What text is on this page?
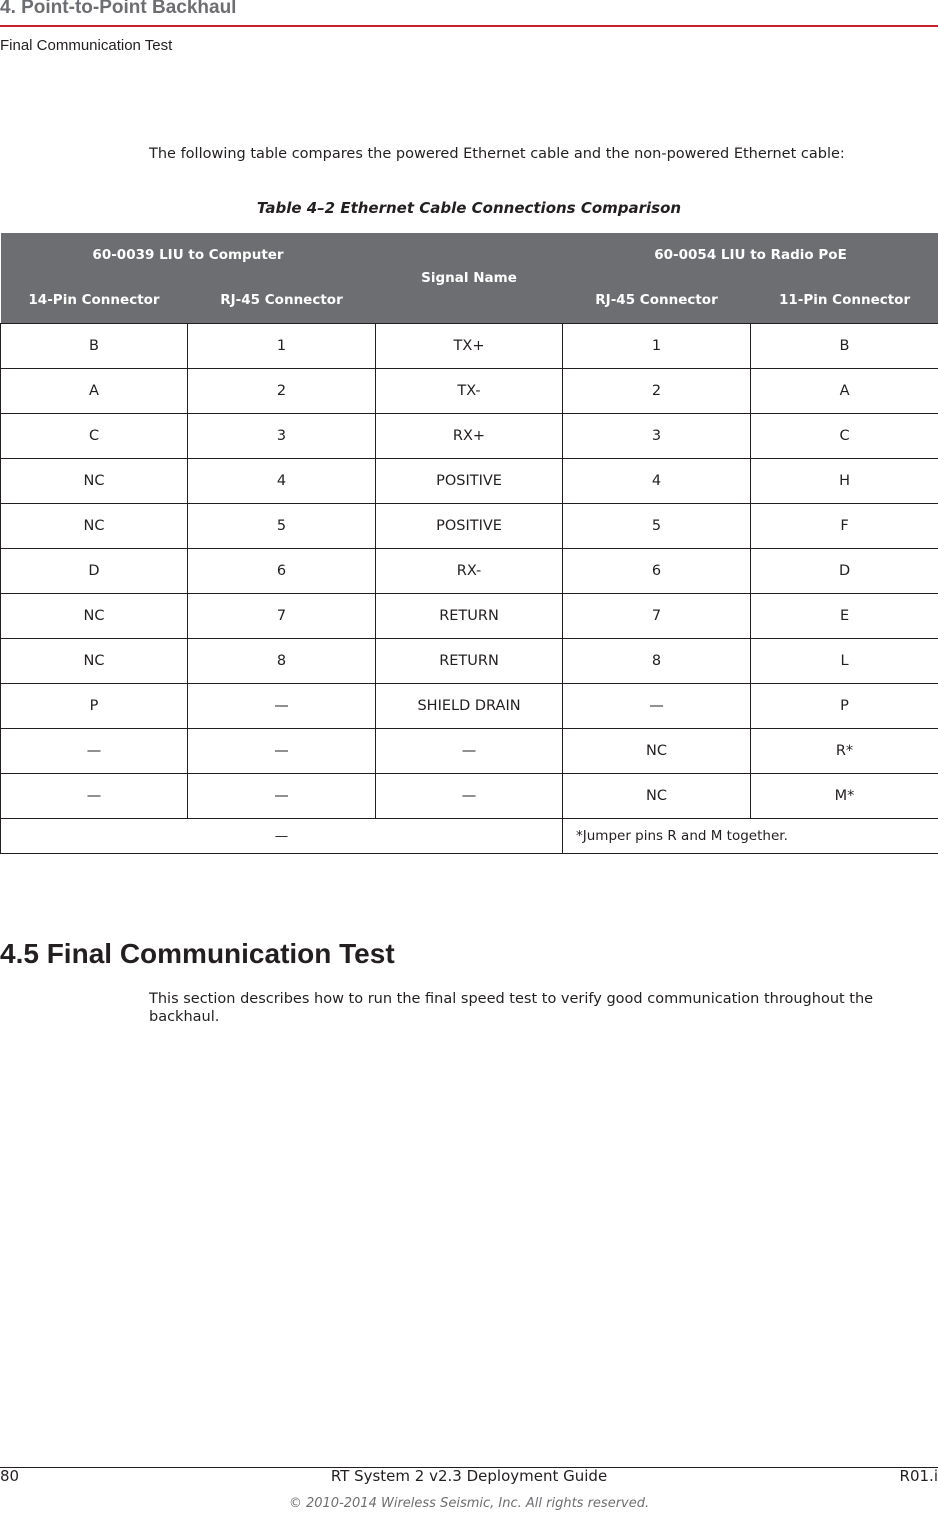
4. Point-to-Point Backhaul
Final Communication Test
The following table compares the powered Ethernet cable and the non-powered Ethernet cable:
Table 4–2 Ethernet Cable Connections Comparison
60-0039 LIU to Computer		Signal Name	60-0054 LIU to Radio PoE	
14-Pin Connector	RJ-45 Connector		RJ-45 Connector	11-Pin Connector
B	1	TX+	1	B
A	2	TX-	2	A
C	3	RX+	3	C
NC	4	POSITIVE	4	H
NC	5	POSITIVE	5	F
D	6	RX-	6	D
NC	7	RETURN	7	E
NC	8	RETURN	8	L
P	—	SHIELD DRAIN	—	P
—	—	—	NC	R*
—	—	—	NC	M*
—			*Jumper pins R and M together.	
4.5 Final Communication Test
This section describes how to run the final speed test to verify good communication throughout the backhaul.
80	RT System 2 v2.3 Deployment Guide	R01.i
© 2010-2014 Wireless Seismic, Inc. All rights reserved.
